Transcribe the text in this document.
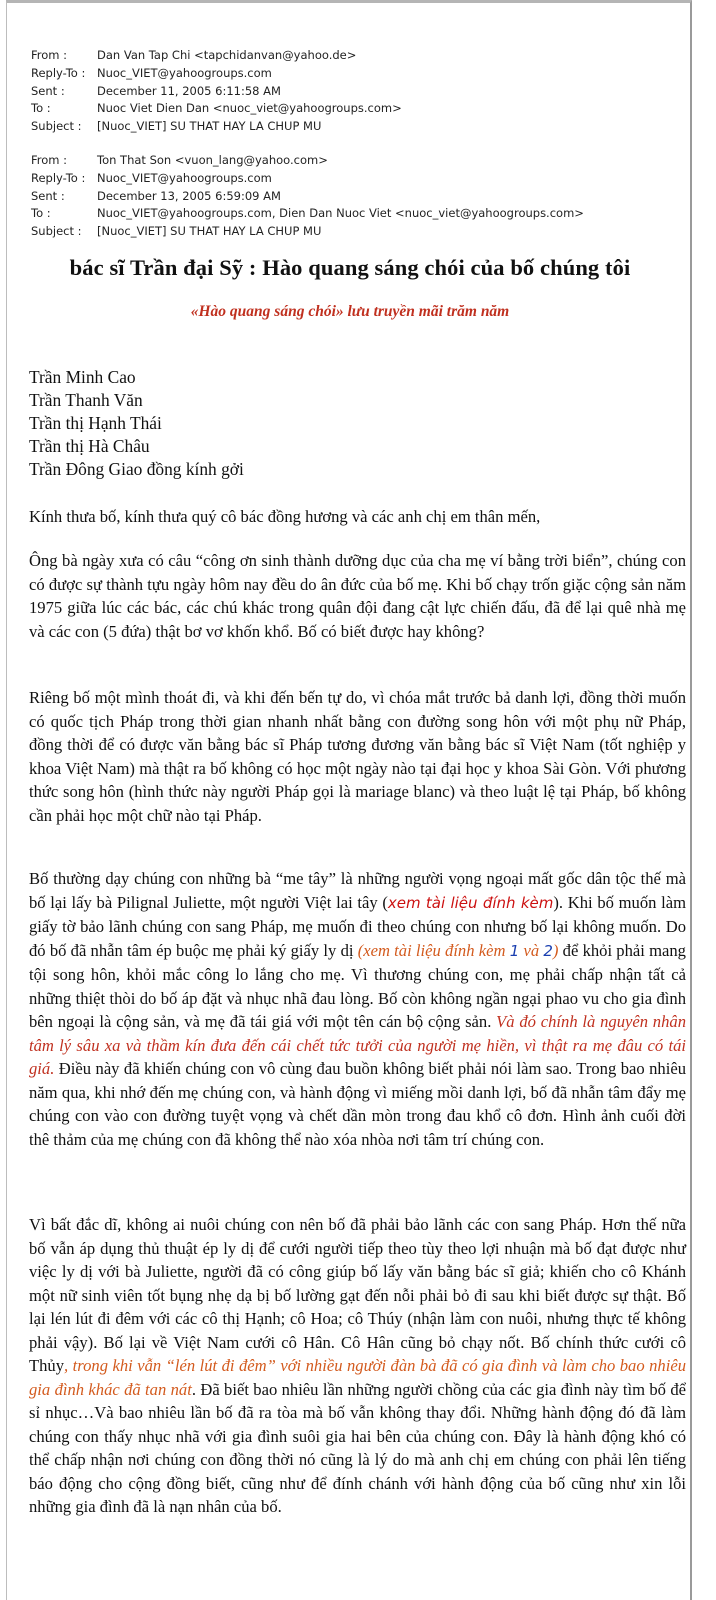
From :	Dan Van Tap Chi <tapchidanvan@yahoo.de>
Reply-To :	Nuoc_VIET@yahoogroups.com
Sent :	December 11, 2005 6:11:58 AM
To :	Nuoc Viet Dien Dan <nuoc_viet@yahoogroups.com>
Subject :	[Nuoc_VIET] SU THAT HAY LA CHUP MU
From :	Ton That Son <vuon_lang@yahoo.com>
Reply-To :	Nuoc_VIET@yahoogroups.com
Sent :	December 13, 2005 6:59:09 AM
To :	Nuoc_VIET@yahoogroups.com, Dien Dan Nuoc Viet <nuoc_viet@yahoogroups.com>
Subject :	[Nuoc_VIET] SU THAT HAY LA CHUP MU
bác sĩ Trần đại Sỹ : Hào quang sáng chói của bố chúng tôi
«Hào quang sáng chói» lưu truyền mãi trăm năm
Trần Minh Cao
Trần Thanh Văn
Trần thị Hạnh Thái
Trần thị Hà Châu
Trần Đông Giao đồng kính gởi

Kính thưa bố, kính thưa quý cô bác đồng hương và các anh chị em thân mến,

Ông bà ngày xưa có câu “công ơn sinh thành dưỡng dục của cha mẹ ví bằng trời biển”, chúng con có được sự thành tựu ngày hôm nay đều do ân đức của bố mẹ. Khi bố chạy trốn giặc cộng sản năm 1975 giữa lúc các bác, các chú khác trong quân đội đang cật lực chiến đấu, đã để lại quê nhà mẹ và các con (5 đứa) thật bơ vơ khốn khổ. Bố có biết được hay không?

Riêng bố một mình thoát đi, và khi đến bến tự do, vì chóa mắt trước bả danh lợi, đồng thời muốn có quốc tịch Pháp trong thời gian nhanh nhất bằng con đường song hôn với một phụ nữ Pháp, đồng thời để có được văn bằng bác sĩ Pháp tương đương văn bằng bác sĩ Việt Nam (tốt nghiệp y khoa Việt Nam) mà thật ra bố không có học một ngày nào tại đại học y khoa Sài Gòn. Với phương thức song hôn (hình thức này người Pháp gọi là mariage blanc) và theo luật lệ tại Pháp, bố không cần phải học một chữ nào tại Pháp.

Bố thường dạy chúng con những bà “me tây” là những người vọng ngoại mất gốc dân tộc thế mà bố lại lấy bà Pilignal Juliette, một người Việt lai tây (xem tài liệu đính kèm). Khi bố muốn làm giấy tờ bảo lãnh chúng con sang Pháp, mẹ muốn đi theo chúng con nhưng bố lại không muốn. Do đó bố đã nhẫn tâm ép buộc mẹ phải ký giấy ly dị (xem tài liệu đính kèm 1 và 2) để khỏi phải mang tội song hôn, khỏi mắc công lo lắng cho mẹ. Vì thương chúng con, mẹ phải chấp nhận tất cả những thiệt thòi do bố áp đặt và nhục nhã đau lòng. Bố còn không ngần ngại phao vu cho gia đình bên ngoại là cộng sản, và mẹ đã tái giá với một tên cán bộ cộng sản. Và đó chính là nguyên nhân tâm lý sâu xa và thầm kín đưa đến cái chết tức tưởi của người mẹ hiền, vì thật ra mẹ đâu có tái giá. Điều này đã khiến chúng con vô cùng đau buồn không biết phải nói làm sao. Trong bao nhiêu năm qua, khi nhớ đến mẹ chúng con, và hành động vì miếng mồi danh lợi, bố đã nhẫn tâm đẩy mẹ chúng con vào con đường tuyệt vọng và chết dần mòn trong đau khổ cô đơn. Hình ảnh cuối đời thê thảm của mẹ chúng con đã không thể nào xóa nhòa nơi tâm trí chúng con.

Vì bất đắc dĩ, không ai nuôi chúng con nên bố đã phải bảo lãnh các con sang Pháp. Hơn thế nữa bố vẫn áp dụng thủ thuật ép ly dị để cưới người tiếp theo tùy theo lợi nhuận mà bố đạt được như việc ly dị với bà Juliette, người đã có công giúp bố lấy văn bằng bác sĩ giả; khiến cho cô Khánh một nữ sinh viên tốt bụng nhẹ dạ bị bố lường gạt đến nỗi phải bỏ đi sau khi biết được sự thật. Bố lại lén lút đi đêm với các cô thị Hạnh; cô Hoa; cô Thúy (nhận làm con nuôi, nhưng thực tế không phải vậy). Bố lại về Việt Nam cưới cô Hân. Cô Hân cũng bỏ chạy nốt. Bố chính thức cưới cô Thủy, trong khi vẫn “lén lút đi đêm” với nhiều người đàn bà đã có gia đình và làm cho bao nhiêu gia đình khác đã tan nát. Đã biết bao nhiêu lần những người chồng của các gia đình này tìm bố để sỉ nhục…Và bao nhiêu lần bố đã ra tòa mà bố vẫn không thay đổi. Những hành động đó đã làm chúng con thấy nhục nhã với gia đình suôi gia hai bên của chúng con. Đây là hành động khó có thể chấp nhận nơi chúng con đồng thời nó cũng là lý do mà anh chị em chúng con phải lên tiếng báo động cho cộng đồng biết, cũng như để đính chánh với hành động của bố cũng như xin lỗi những gia đình đã là nạn nhân của bố.
